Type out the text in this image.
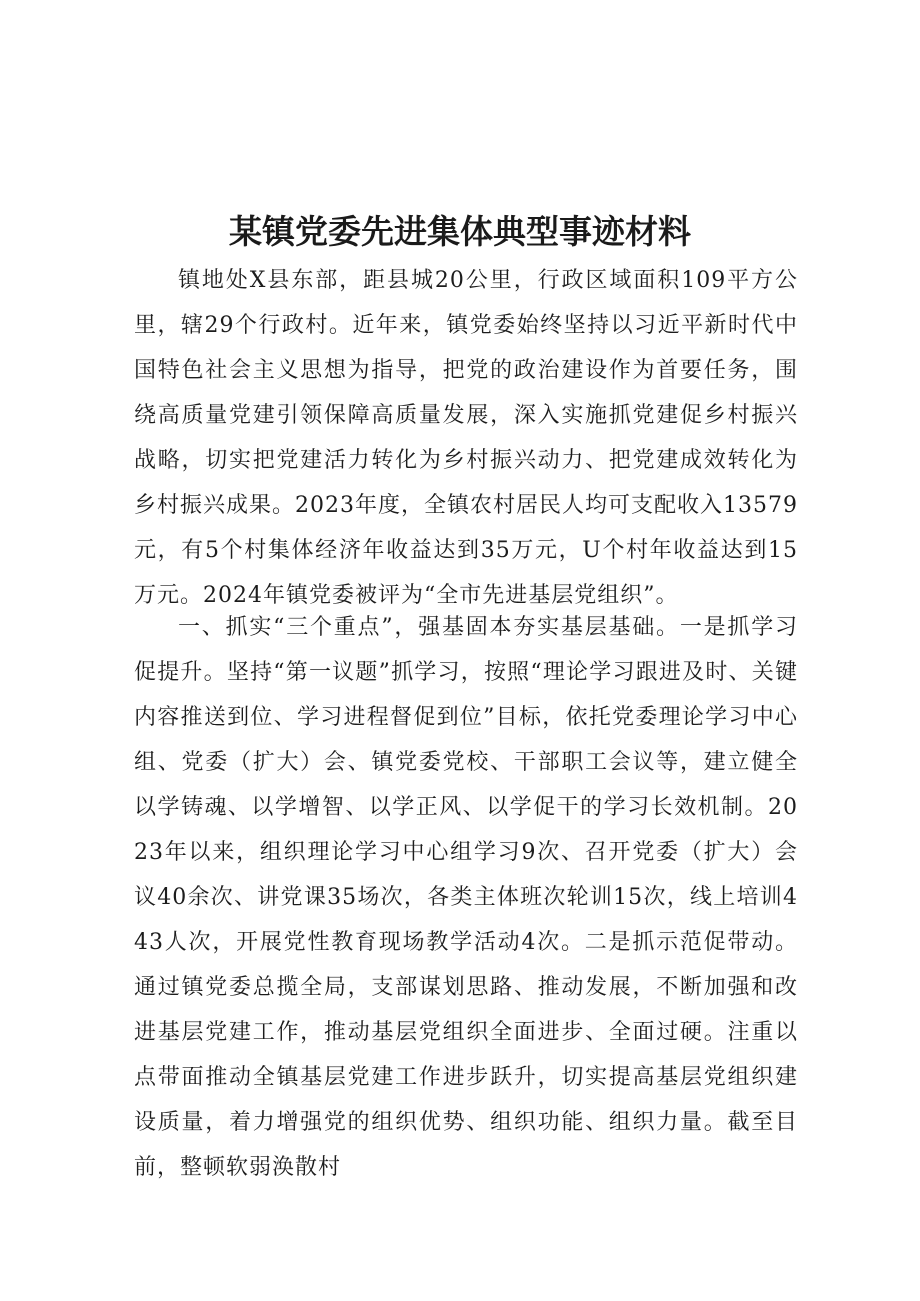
某镇党委先进集体典型事迹材料

镇地处X县东部，距县城20公里，行政区域面积109平方公里，辖29个行政村。近年来，镇党委始终坚持以习近平新时代中国特色社会主义思想为指导，把党的政治建设作为首要任务，围绕高质量党建引领保障高质量发展，深入实施抓党建促乡村振兴战略，切实把党建活力转化为乡村振兴动力、把党建成效转化为乡村振兴成果。2023年度，全镇农村居民人均可支配收入13579元，有5个村集体经济年收益达到35万元，U个村年收益达到15万元。2024年镇党委被评为“全市先进基层党组织”。

一、抓实“三个重点”，强基固本夯实基层基础。一是抓学习促提升。坚持“第一议题”抓学习，按照“理论学习跟进及时、关键内容推送到位、学习进程督促到位”目标，依托党委理论学习中心组、党委（扩大）会、镇党委党校、干部职工会议等，建立健全以学铸魂、以学增智、以学正风、以学促干的学习长效机制。2023年以来，组织理论学习中心组学习9次、召开党委（扩大）会议40余次、讲党课35场次，各类主体班次轮训15次，线上培训443人次，开展党性教育现场教学活动4次。二是抓示范促带动。通过镇党委总揽全局，支部谋划思路、推动发展，不断加强和改进基层党建工作，推动基层党组织全面进步、全面过硬。注重以点带面推动全镇基层党建工作进步跃升，切实提高基层党组织建设质量，着力增强党的组织优势、组织功能、组织力量。截至目前，整顿软弱涣散村
